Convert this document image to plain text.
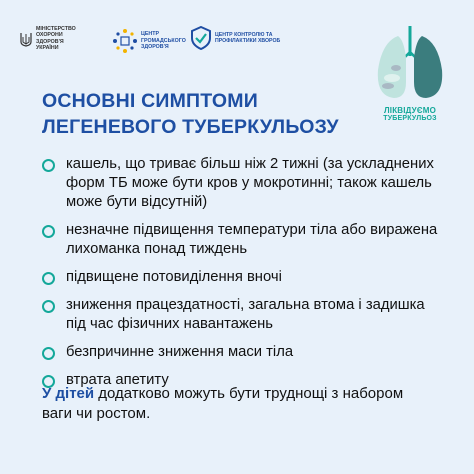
МІНІСТЕРСТВО ОХОРОНИ ЗДОРОВ'Я УКРАЇНИ
ЦЕНТР ГРОМАДСЬКОГО ЗДОРОВ'Я
ЦЕНТР КОНТРОЛЮ ТА ПРОФІЛАКТИКИ ХВОРОБ
ЛІКВІДУЄМО
ТУБЕРКУЛЬОЗ
ОСНОВНІ СИМПТОМИ
ЛЕГЕНЕВОГО ТУБЕРКУЛЬОЗУ
кашель, що триває більш ніж 2 тижні (за ускладнених форм ТБ може бути кров у мокротинні; також кашель може бути відсутній)
незначне підвищення температури тіла або виражена лихоманка понад тиждень
підвищене потовиділення вночі
зниження працездатності, загальна втома і задишка під час фізичних навантажень
безпричинне зниження маси тіла
втрата апетиту

У дітей додатково можуть бути труднощі з набором ваги чи ростом.
